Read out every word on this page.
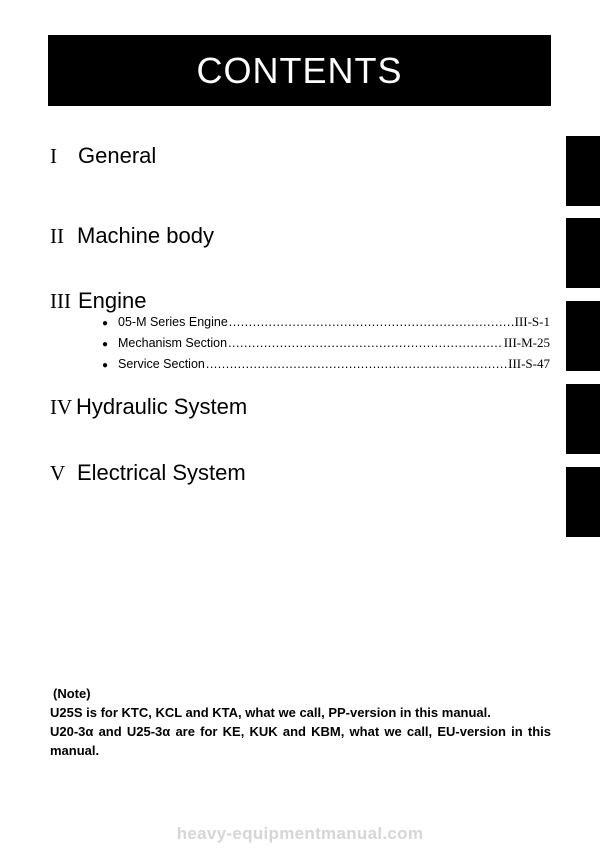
CONTENTS
I General
II Machine body
III Engine
● 05-M Series Engine .....	III-S-1
● Mechanism Section .....	III-M-25
● Service Section .....	III-S-47
IV Hydraulic System
V Electrical System

(Note)

U25S is for KTC, KCL and KTA, what we call, PP-version in this manual.

U20-3α and U25-3α are for KE, KUK and KBM, what we call, EU-version in this manual.

heavy-equipmentmanual.com
